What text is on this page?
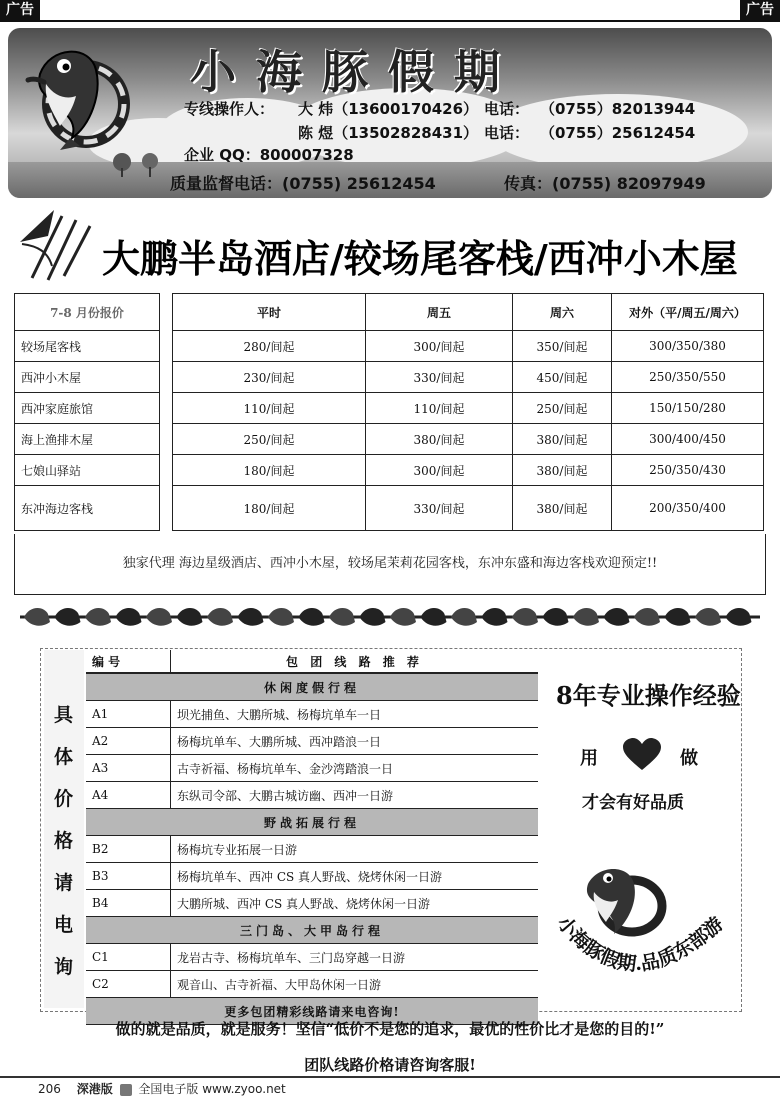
广告	广告
小海豚假期
专线操作人： 大 炜（13600170426） 电话： （0755）82013944
陈 煜（13502828431） 电话： （0755）25612454
企业 QQ：800007328
质量监督电话：(0755) 25612454	传真：(0755) 82097949
大鹏半岛酒店/较场尾客栈/西冲小木屋
7-8 月份报价		平时	周五	周六	对外（平/周五/周六）
较场尾客栈		280/间起	300/间起	350/间起	300/350/380
西冲小木屋		230/间起	330/间起	450/间起	250/350/550
西冲家庭旅馆		110/间起	110/间起	250/间起	150/150/280
海上渔排木屋		250/间起	380/间起	380/间起	300/400/450
七娘山驿站		180/间起	300/间起	380/间起	250/350/430
东冲海边客栈		180/间起	330/间起	380/间起	200/350/400
独家代理 海边星级酒店、西冲小木屋，较场尾茉莉花园客栈，东冲东盛和海边客栈欢迎预定!!
具
体
价
格
请
电
询
编 号	包 团 线 路 推 荐
休闲度假行程	
A1	坝光捕鱼、大鹏所城、杨梅坑单车一日
A2	杨梅坑单车、大鹏所城、西冲踏浪一日
A3	古寺祈福、杨梅坑单车、金沙湾踏浪一日
A4	东纵司令部、大鹏古城访幽、西冲一日游
野战拓展行程	
B2	杨梅坑专业拓展一日游
B3	杨梅坑单车、西冲 CS 真人野战、烧烤休闲一日游
B4	大鹏所城、西冲 CS 真人野战、烧烤休闲一日游
三门岛、大甲岛行程	
C1	龙岩古寺、杨梅坑单车、三门岛穿越一日游
C2	观音山、古寺祈福、大甲岛休闲一日游
更多包团精彩线路请来电咨询!	
8年专业操作经验
用	做
才会有好品质
小海豚假期.品质东部游
做的就是品质，就是服务！坚信“低价不是您的追求，最优的性价比才是您的目的!”
团队线路价格请咨询客服!
206 深港版 全国电子版 www.zyoo.net
